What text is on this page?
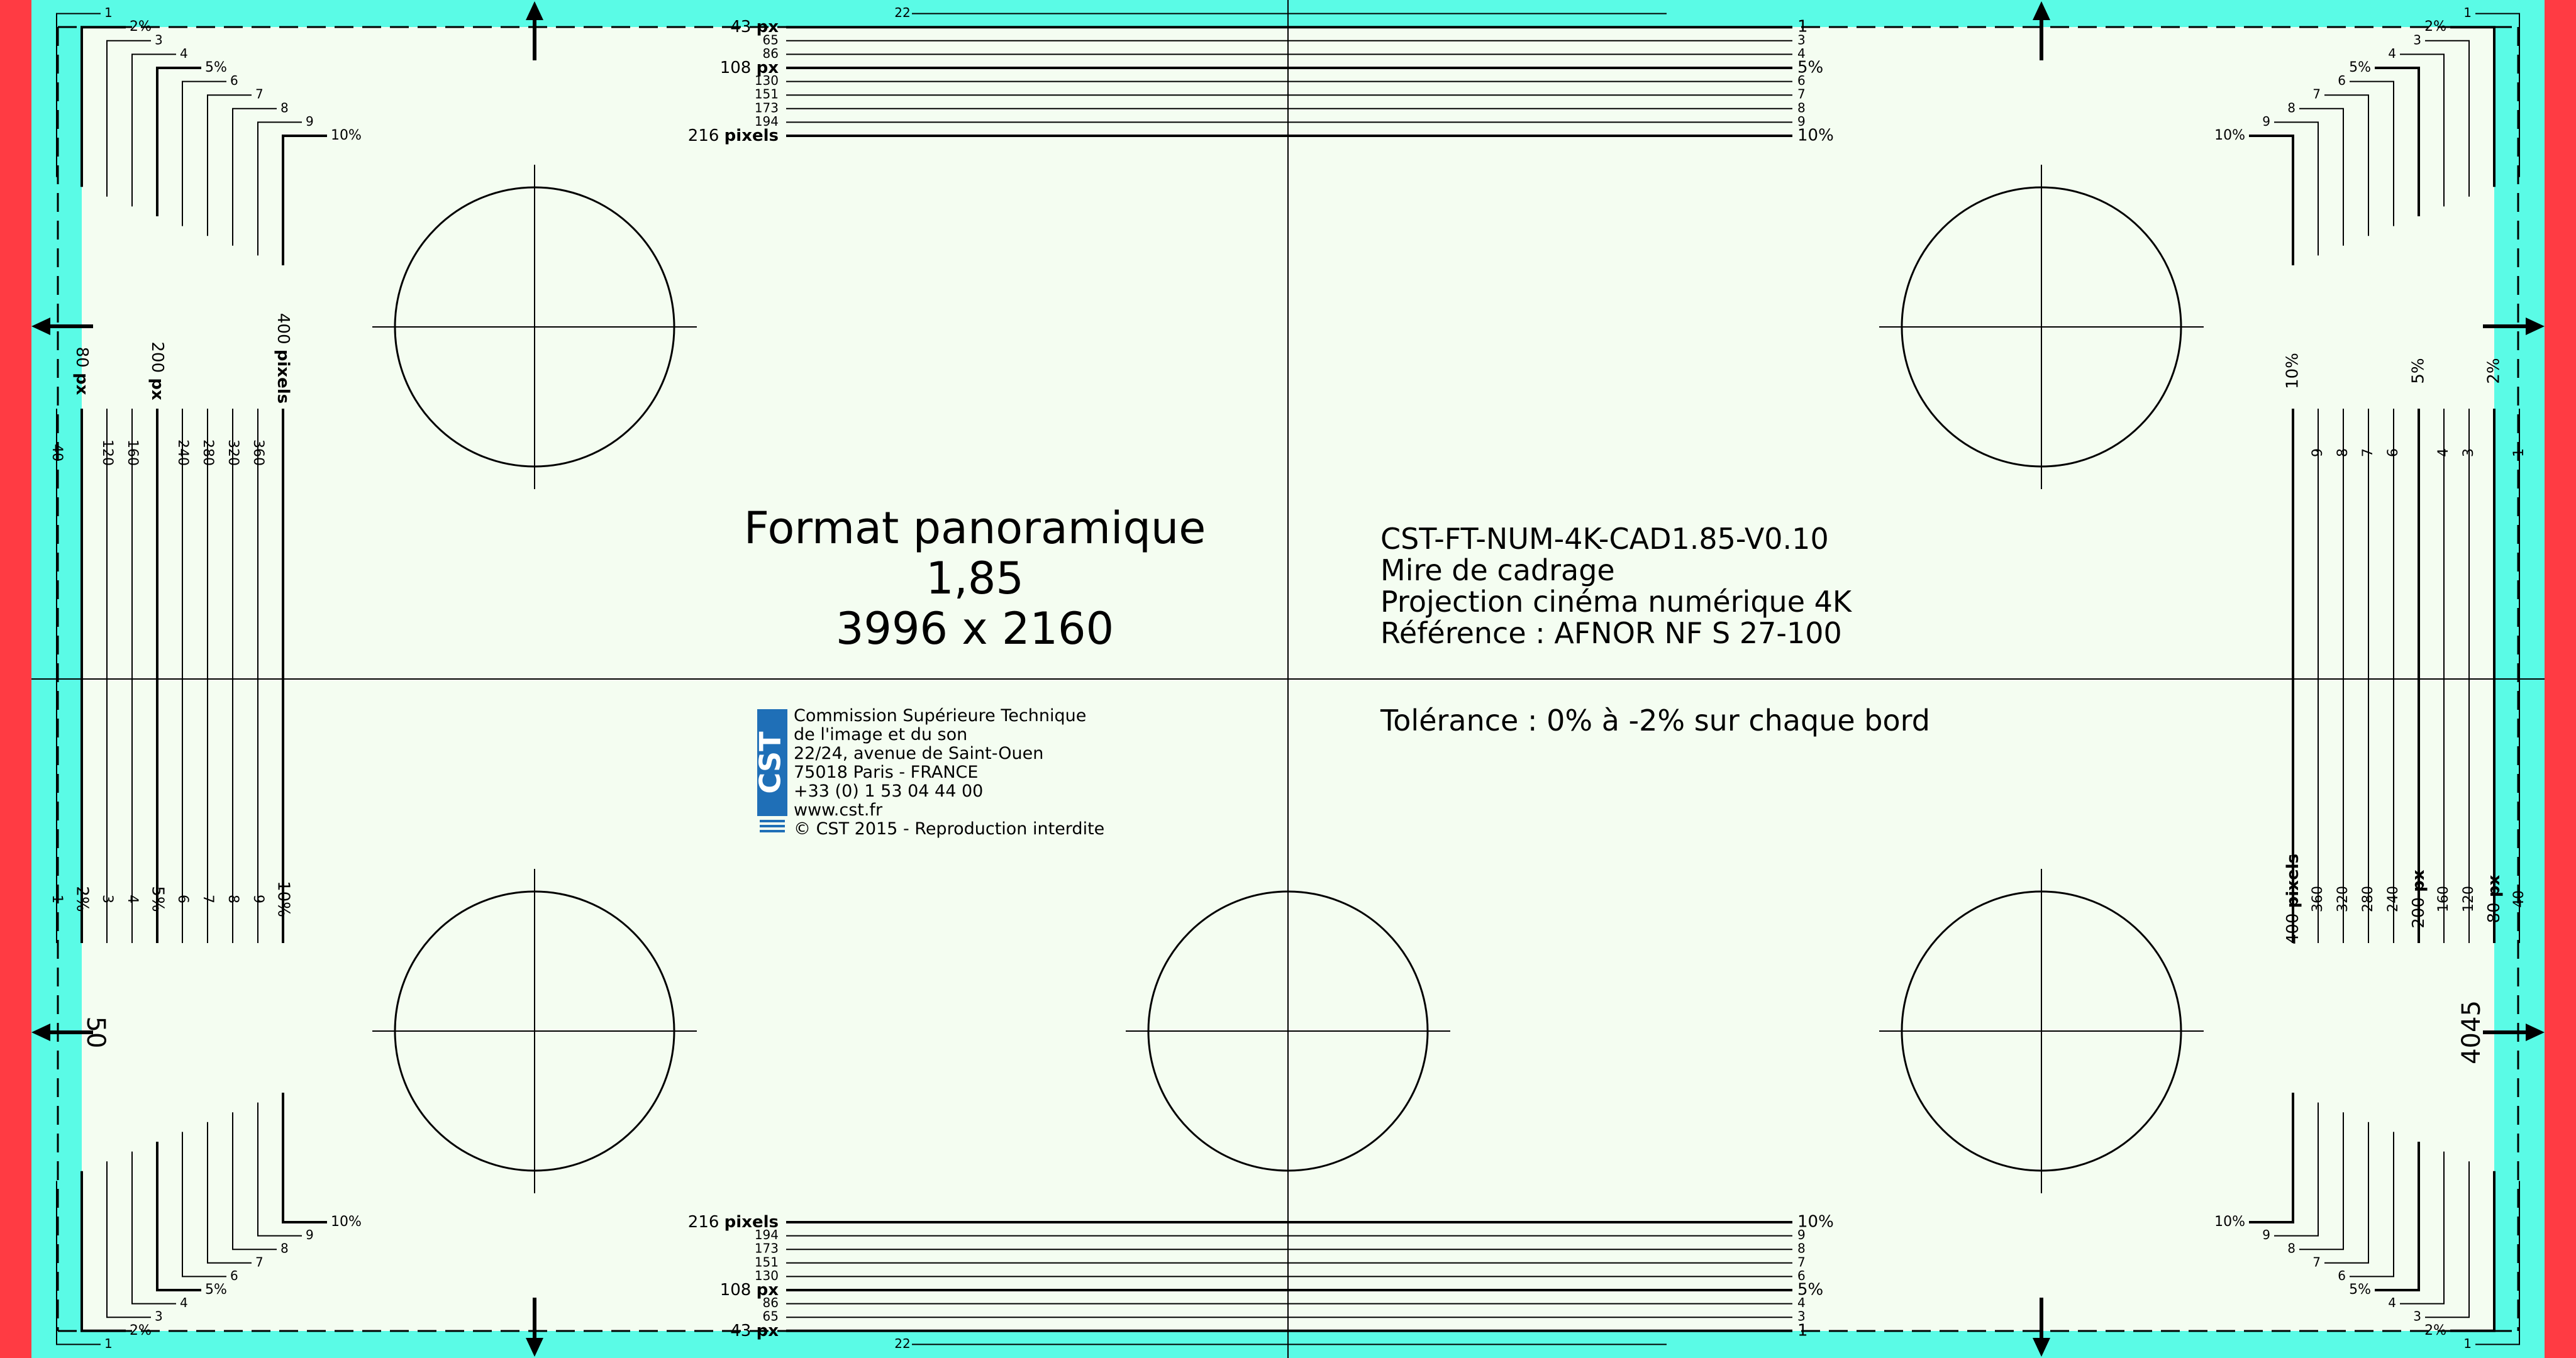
50	4045
43 px	1
43 px	1
65	3
65	3
86	4
86	4
108 px	5%
108 px	5%
130	6
130	6
151	7
151	7
173	8
173	8
194	9
194	9
216 pixels	10%
216 pixels	10%
22
22
40
1	40
1
80 px
2%	80 px
2%
120
3	120
3
160
4	160
4
200 px
5%	200 px
5%
240
6	240
6
280
7	280
7
320
8	320
8
360
9	360
9
400 pixels
10%
400 pixels
10%
1	1
1	1
2%	2%
2%	2%
3	3
3	3
4	4
4	4
5%	5%
5%	5%
6	6
6	6
7	7
7	7
8	8
8	8
9	9
9	9
10%	10%
10%	10%
Format panoramique
1,85
3996 x 2160
CST-FT-NUM-4K-CAD1.85-V0.10
Mire de cadrage
Projection cinéma numérique 4K
Référence : AFNOR NF S 27-100
Tolérance : 0% à -2% sur chaque bord
CST
Commission Supérieure Technique
de l'image et du son
22/24, avenue de Saint-Ouen
75018 Paris - FRANCE
+33 (0) 1 53 04 44 00
www.cst.fr
© CST 2015 - Reproduction interdite
